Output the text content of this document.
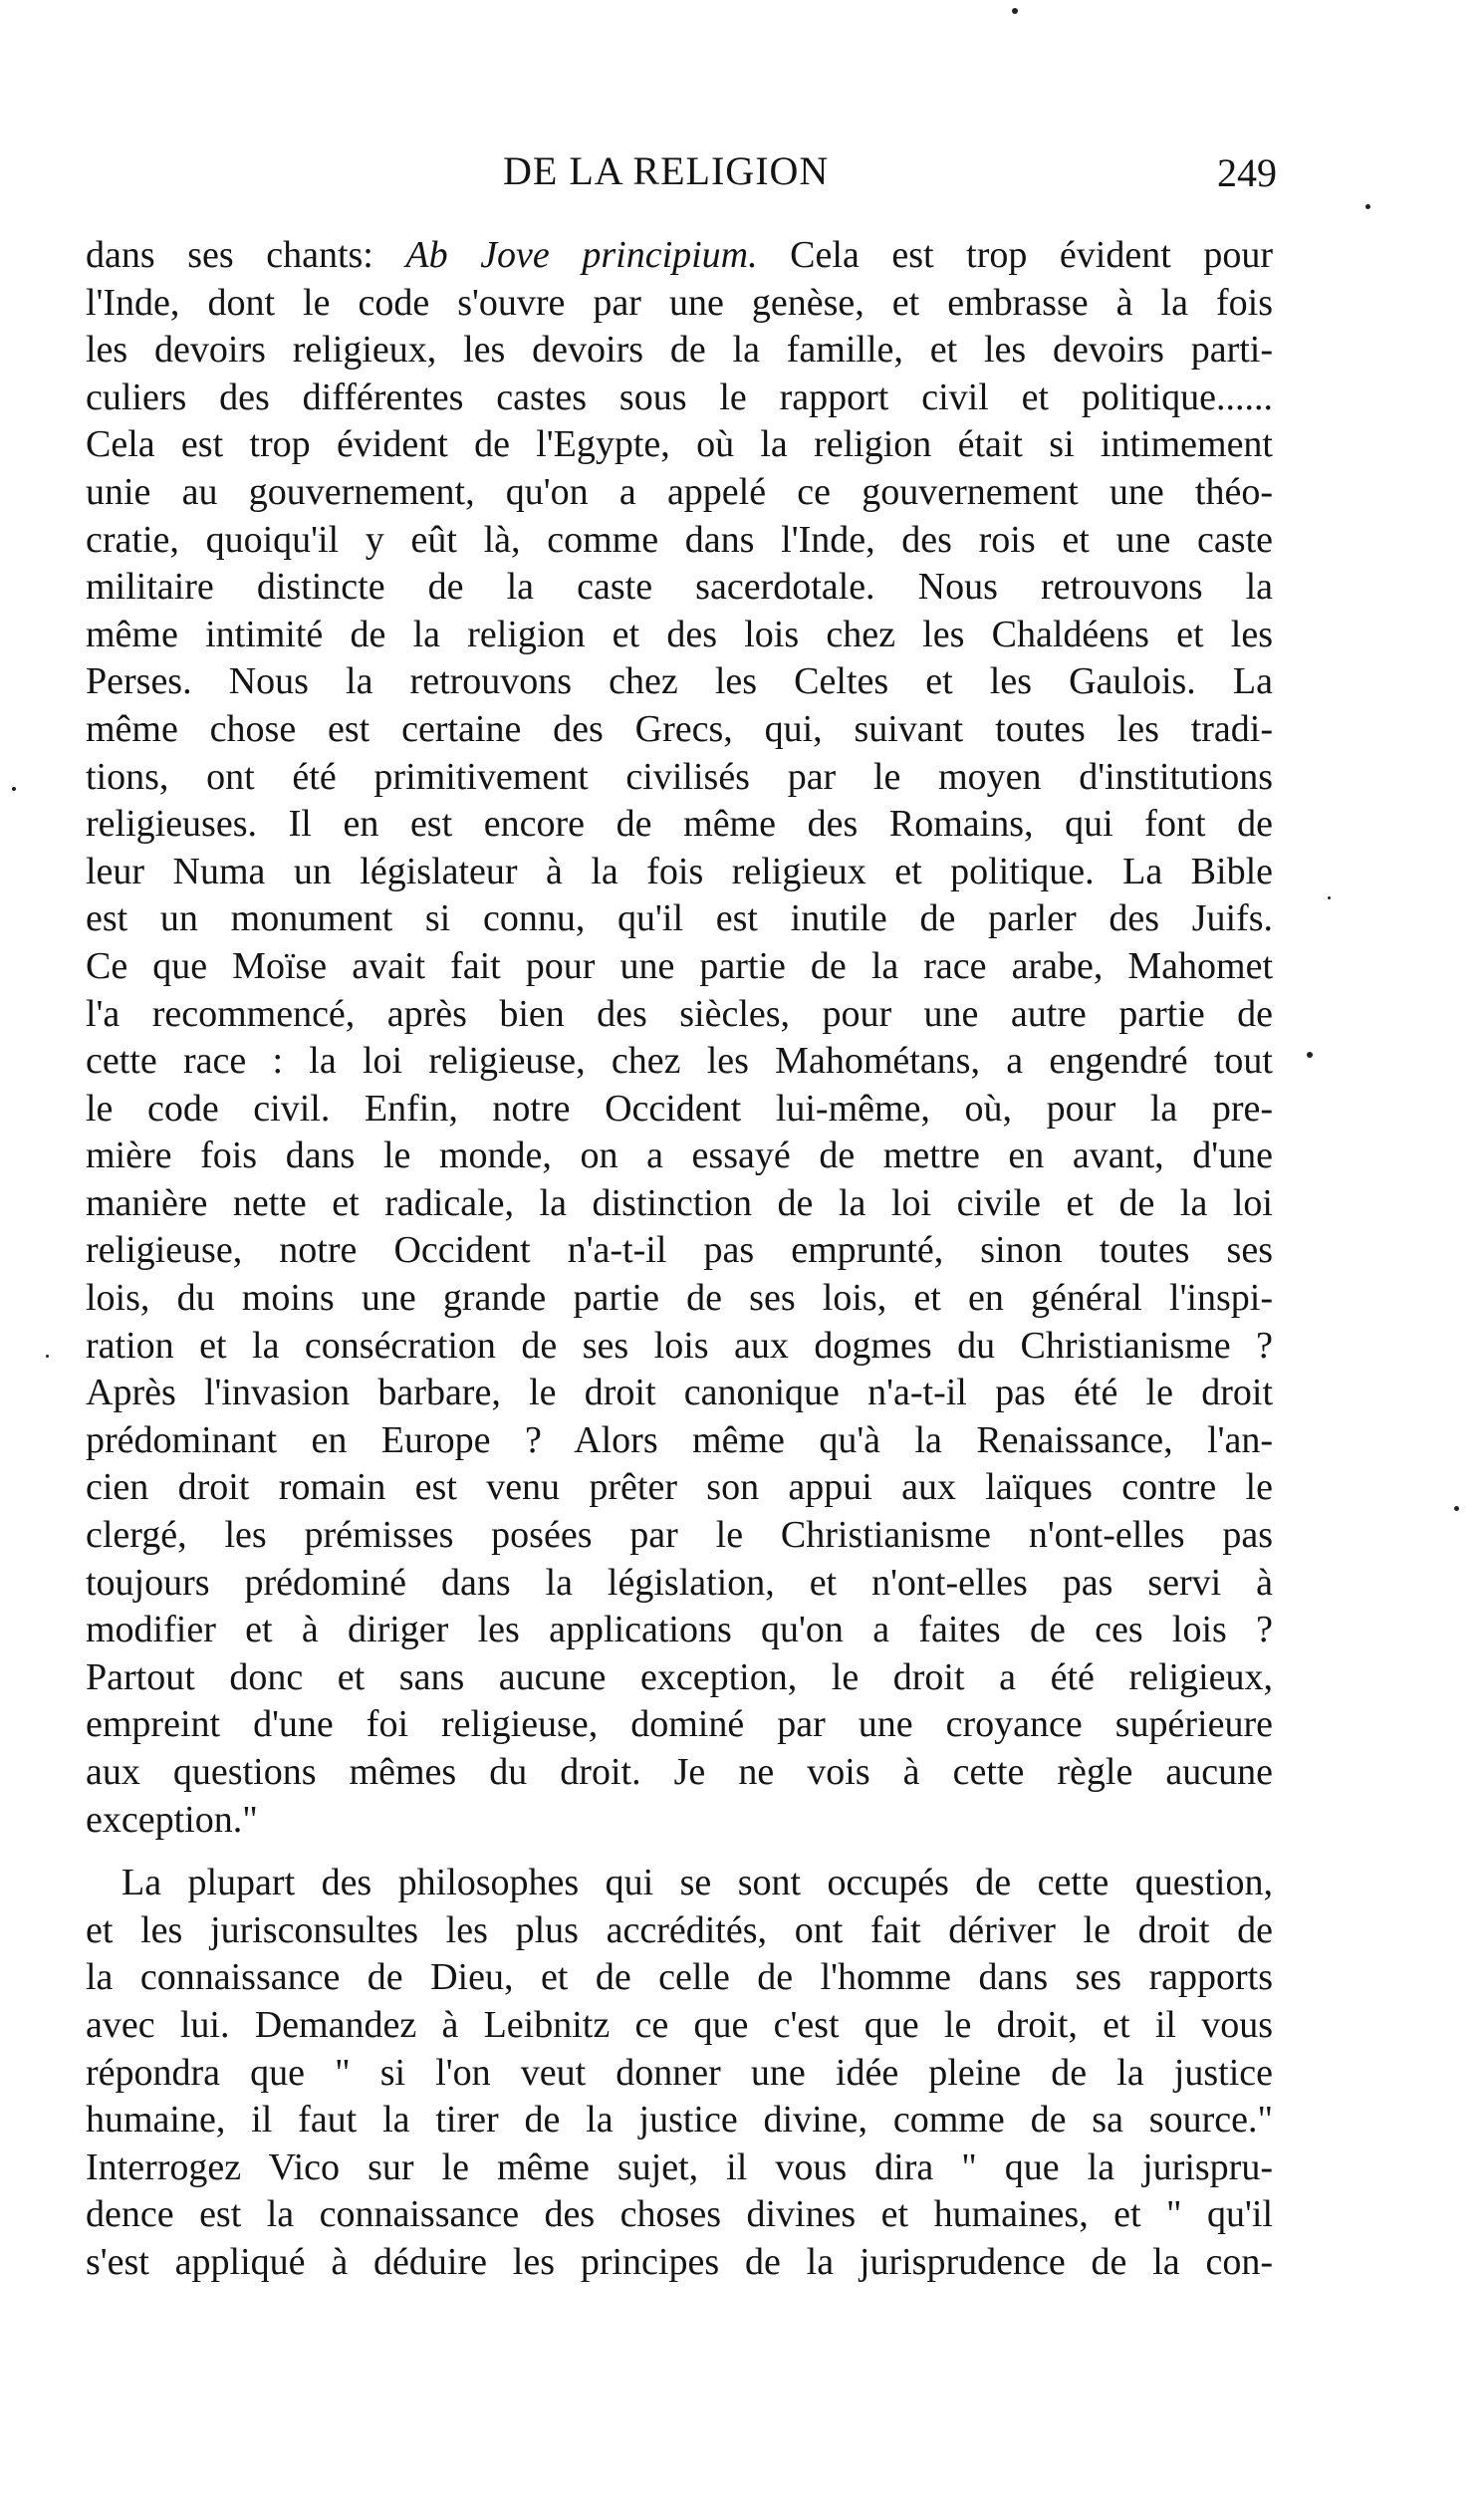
DE LA RELIGION	249
dans ses chants: Ab Jove principium. Cela est trop évident pour
l'Inde, dont le code s'ouvre par une genèse, et embrasse à la fois
les devoirs religieux, les devoirs de la famille, et les devoirs parti-
culiers des différentes castes sous le rapport civil et politique......
Cela est trop évident de l'Egypte, où la religion était si intimement
unie au gouvernement, qu'on a appelé ce gouvernement une théo-
cratie, quoiqu'il y eût là, comme dans l'Inde, des rois et une caste
militaire distincte de la caste sacerdotale. Nous retrouvons la
même intimité de la religion et des lois chez les Chaldéens et les
Perses. Nous la retrouvons chez les Celtes et les Gaulois. La
même chose est certaine des Grecs, qui, suivant toutes les tradi-
tions, ont été primitivement civilisés par le moyen d'institutions
religieuses. Il en est encore de même des Romains, qui font de
leur Numa un législateur à la fois religieux et politique. La Bible
est un monument si connu, qu'il est inutile de parler des Juifs.
Ce que Moïse avait fait pour une partie de la race arabe, Mahomet
l'a recommencé, après bien des siècles, pour une autre partie de
cette race : la loi religieuse, chez les Mahométans, a engendré tout
le code civil. Enfin, notre Occident lui-même, où, pour la pre-
mière fois dans le monde, on a essayé de mettre en avant, d'une
manière nette et radicale, la distinction de la loi civile et de la loi
religieuse, notre Occident n'a-t-il pas emprunté, sinon toutes ses
lois, du moins une grande partie de ses lois, et en général l'inspi-
ration et la consécration de ses lois aux dogmes du Christianisme ?
Après l'invasion barbare, le droit canonique n'a-t-il pas été le droit
prédominant en Europe ? Alors même qu'à la Renaissance, l'an-
cien droit romain est venu prêter son appui aux laïques contre le
clergé, les prémisses posées par le Christianisme n'ont-elles pas
toujours prédominé dans la législation, et n'ont-elles pas servi à
modifier et à diriger les applications qu'on a faites de ces lois ?
Partout donc et sans aucune exception, le droit a été religieux,
empreint d'une foi religieuse, dominé par une croyance supérieure
aux questions mêmes du droit. Je ne vois à cette règle aucune
exception."
La plupart des philosophes qui se sont occupés de cette question,
et les jurisconsultes les plus accrédités, ont fait dériver le droit de
la connaissance de Dieu, et de celle de l'homme dans ses rapports
avec lui. Demandez à Leibnitz ce que c'est que le droit, et il vous
répondra que " si l'on veut donner une idée pleine de la justice
humaine, il faut la tirer de la justice divine, comme de sa source."
Interrogez Vico sur le même sujet, il vous dira " que la jurispru-
dence est la connaissance des choses divines et humaines, et " qu'il
s'est appliqué à déduire les principes de la jurisprudence de la con-
